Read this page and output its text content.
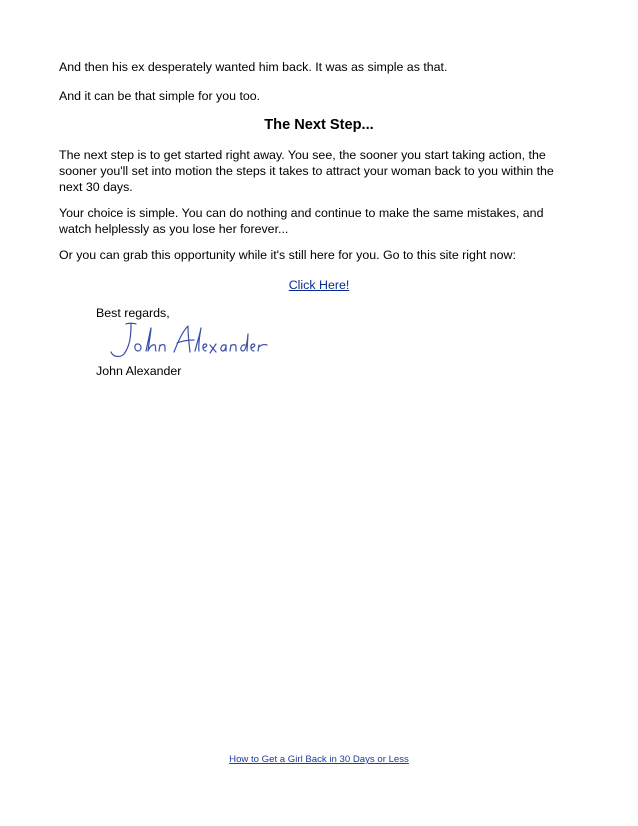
And then his ex desperately wanted him back. It was as simple as that.

And it can be that simple for you too.

The Next Step...

The next step is to get started right away. You see, the sooner you start taking action, the sooner you'll set into motion the steps it takes to attract your woman back to you within the next 30 days.

Your choice is simple. You can do nothing and continue to make the same mistakes, and watch helplessly as you lose her forever...

Or you can grab this opportunity while it's still here for you. Go to this site right now:

Click Here!

Best regards,

John Alexander

How to Get a Girl Back in 30 Days or Less
